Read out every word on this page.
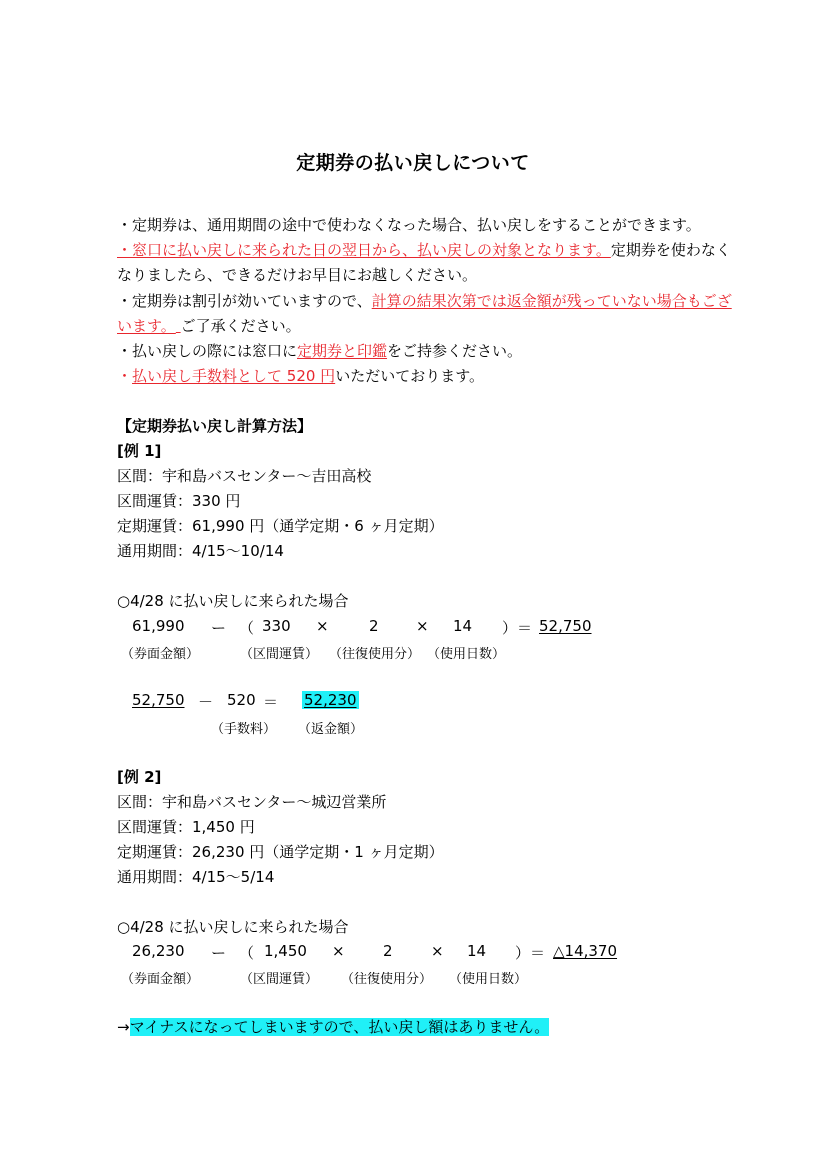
定期券の払い戻しについて
・定期券は、通用期間の途中で使わなくなった場合、払い戻しをすることができます。
・窓口に払い戻しに来られた日の翌日から、払い戻しの対象となります。定期券を使わなく
なりましたら、できるだけお早目にお越しください。
・定期券は割引が効いていますので、計算の結果次第では返金額が残っていない場合もござ
います。 ご了承ください。
・払い戻しの際には窓口に定期券と印鑑をご持参ください。
・払い戻し手数料として 520 円いただいております。
【定期券払い戻し計算方法】
[例 1]
区間：宇和島バスセンター～吉田高校
区間運賃：330 円
定期運賃：61,990 円（通学定期・6 ヶ月定期）
通用期間：4/15～10/14
○4/28 に払い戻しに来られた場合
61,990 ー （ 330 ×	2 × 14 ）＝ 52,750
（券面金額）	（区間運賃） （往復使用分） （使用日数）
52,750 － 520 ＝ 52,230
（手数料） （返金額）
[例 2]
区間：宇和島バスセンター～城辺営業所
区間運賃：1,450 円
定期運賃：26,230 円（通学定期・1 ヶ月定期）
通用期間：4/15～5/14
○4/28 に払い戻しに来られた場合
26,230 ー （ 1,450 ×	2	× 14 ）＝ △14,370
（券面金額）	（区間運賃） （往復使用分） （使用日数）
→マイナスになってしまいますので、払い戻し額はありません。
